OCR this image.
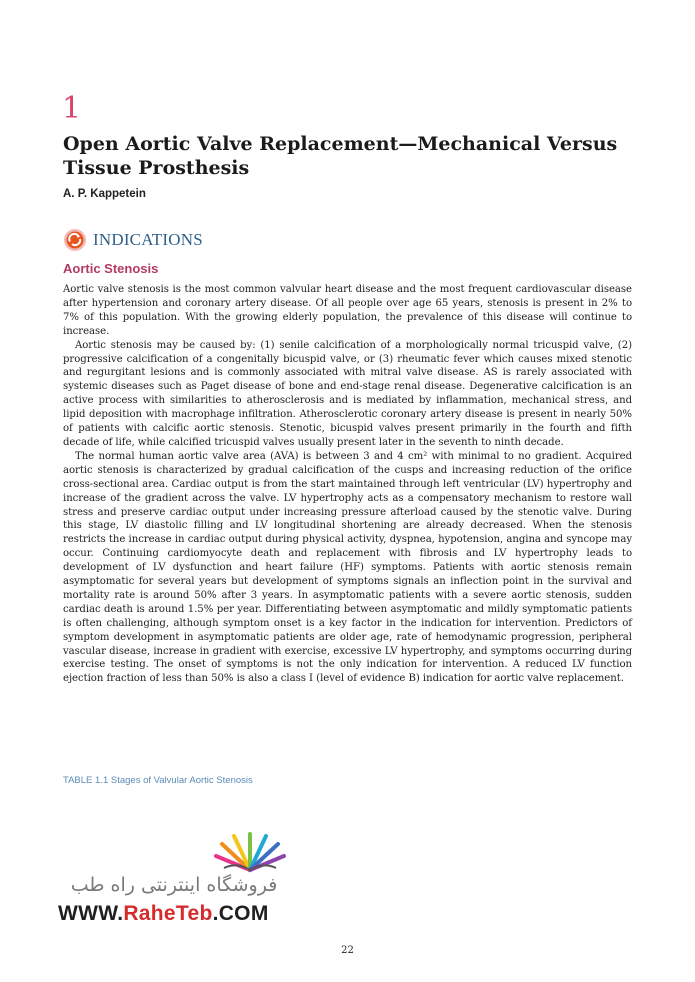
1
Open Aortic Valve Replacement—Mechanical Versus Tissue Prosthesis
A. P. Kappetein
INDICATIONS
Aortic Stenosis

Aortic valve stenosis is the most common valvular heart disease and the most frequent cardiovascular disease after hypertension and coronary artery disease. Of all people over age 65 years, stenosis is present in 2% to 7% of this population. With the growing elderly population, the prevalence of this disease will continue to increase.

Aortic stenosis may be caused by: (1) senile calcification of a morphologically normal tricuspid valve, (2) progressive calcification of a congenitally bicuspid valve, or (3) rheumatic fever which causes mixed stenotic and regurgitant lesions and is commonly associated with mitral valve disease. AS is rarely associated with systemic diseases such as Paget disease of bone and end-stage renal disease. Degenerative calcification is an active process with similarities to atherosclerosis and is mediated by inflammation, mechanical stress, and lipid deposition with macrophage infiltration. Atherosclerotic coronary artery disease is present in nearly 50% of patients with calcific aortic stenosis. Stenotic, bicuspid valves present primarily in the fourth and fifth decade of life, while calcified tricuspid valves usually present later in the seventh to ninth decade.

The normal human aortic valve area (AVA) is between 3 and 4 cm² with minimal to no gradient. Acquired aortic stenosis is characterized by gradual calcification of the cusps and increasing reduction of the orifice cross-sectional area. Cardiac output is from the start maintained through left ventricular (LV) hypertrophy and increase of the gradient across the valve. LV hypertrophy acts as a compensatory mechanism to restore wall stress and preserve cardiac output under increasing pressure afterload caused by the stenotic valve. During this stage, LV diastolic filling and LV longitudinal shortening are already decreased. When the stenosis restricts the increase in cardiac output during physical activity, dyspnea, hypotension, angina and syncope may occur. Continuing cardiomyocyte death and replacement with fibrosis and LV hypertrophy leads to development of LV dysfunction and heart failure (HF) symptoms. Patients with aortic stenosis remain asymptomatic for several years but development of symptoms signals an inflection point in the survival and mortality rate is around 50% after 3 years. In asymptomatic patients with a severe aortic stenosis, sudden cardiac death is around 1.5% per year. Differentiating between asymptomatic and mildly symptomatic patients is often challenging, although symptom onset is a key factor in the indication for intervention. Predictors of symptom development in asymptomatic patients are older age, rate of hemodynamic progression, peripheral vascular disease, increase in gradient with exercise, excessive LV hypertrophy, and symptoms occurring during exercise testing. The onset of symptoms is not the only indication for intervention. A reduced LV function ejection fraction of less than 50% is also a class I (level of evidence B) indication for aortic valve replacement.

TABLE 1.1 Stages of Valvular Aortic Stenosis
فروشگاه اینترنتی راه طب
WWW.RaheTeb.COM
22
